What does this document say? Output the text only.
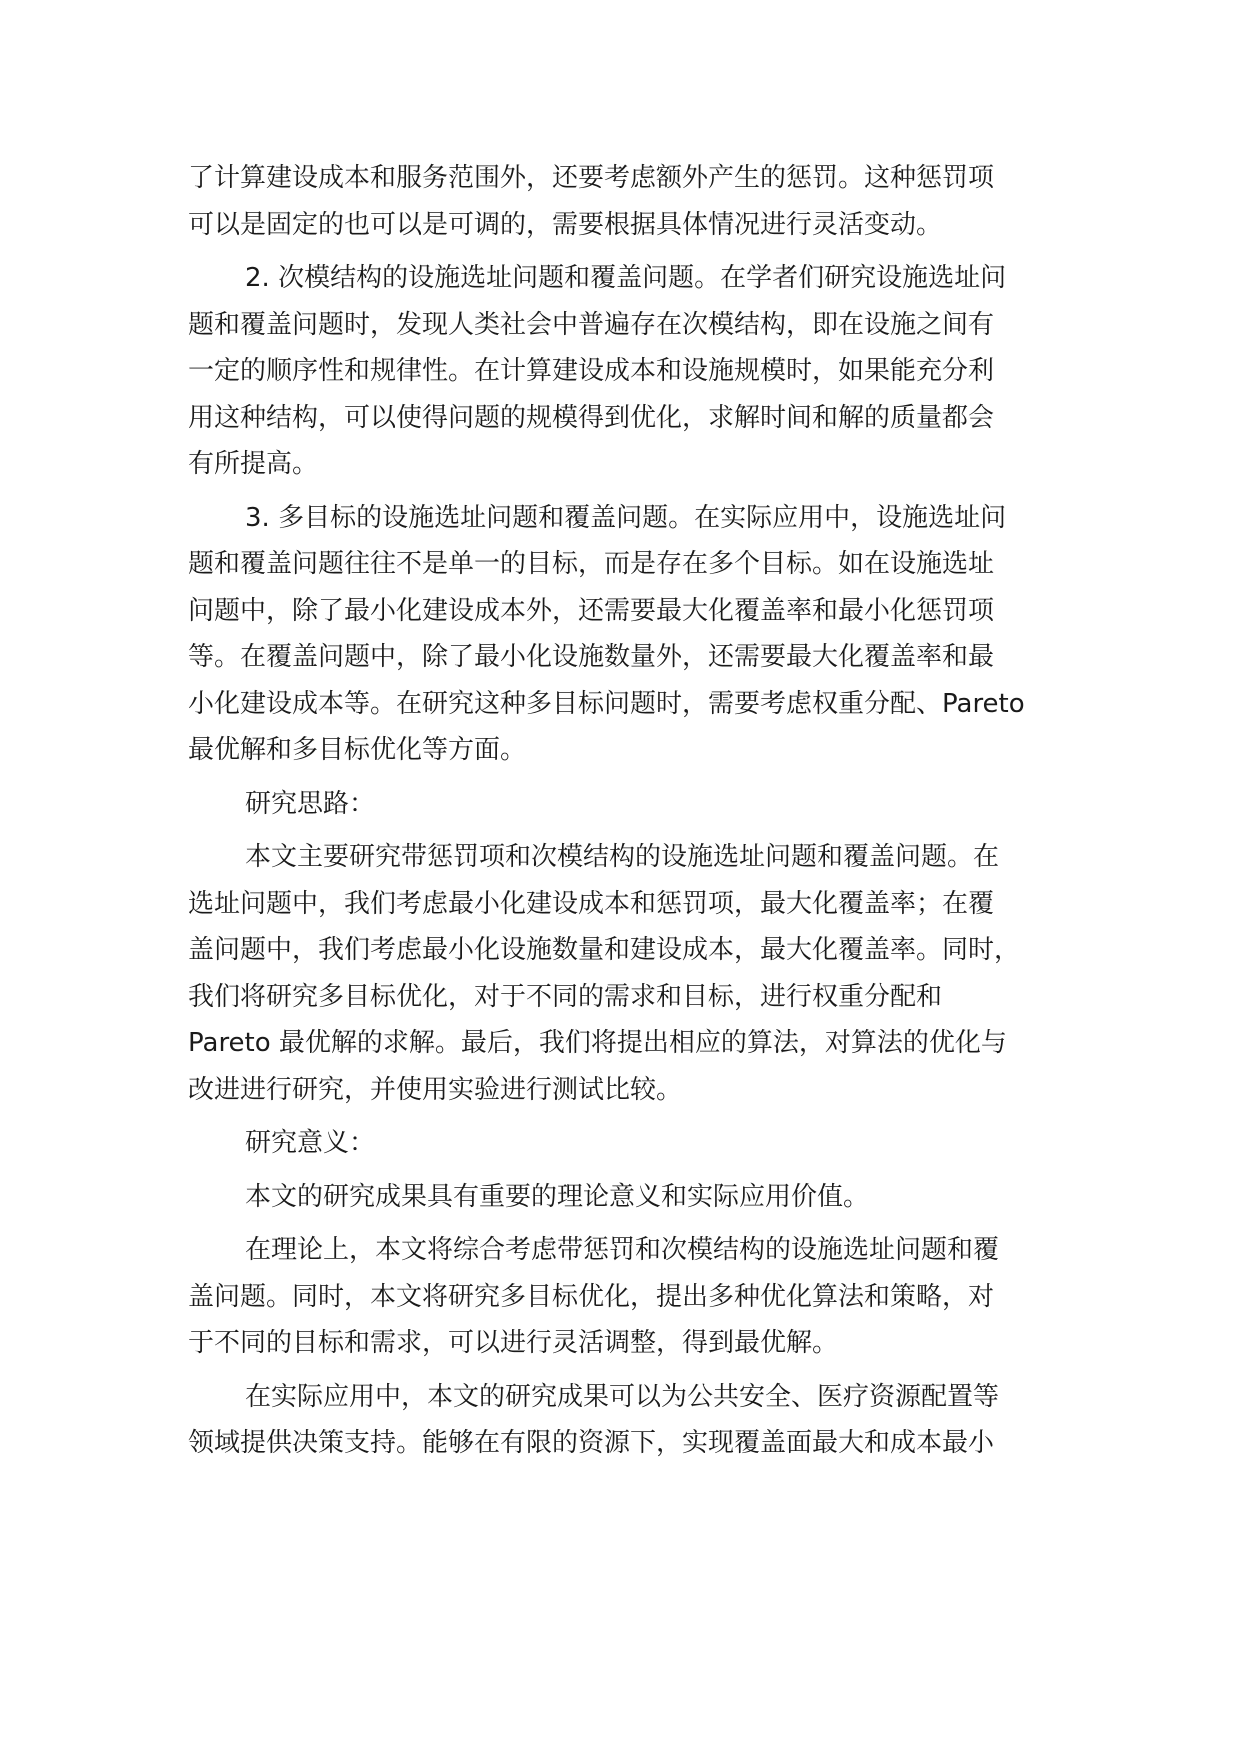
了计算建设成本和服务范围外，还要考虑额外产生的惩罚。这种惩罚项
可以是固定的也可以是可调的，需要根据具体情况进行灵活变动。
2. 次模结构的设施选址问题和覆盖问题。在学者们研究设施选址问
题和覆盖问题时，发现人类社会中普遍存在次模结构，即在设施之间有
一定的顺序性和规律性。在计算建设成本和设施规模时，如果能充分利
用这种结构，可以使得问题的规模得到优化，求解时间和解的质量都会
有所提高。
3. 多目标的设施选址问题和覆盖问题。在实际应用中，设施选址问
题和覆盖问题往往不是单一的目标，而是存在多个目标。如在设施选址
问题中，除了最小化建设成本外，还需要最大化覆盖率和最小化惩罚项
等。在覆盖问题中，除了最小化设施数量外，还需要最大化覆盖率和最
小化建设成本等。在研究这种多目标问题时，需要考虑权重分配、Pareto
最优解和多目标优化等方面。
研究思路：
本文主要研究带惩罚项和次模结构的设施选址问题和覆盖问题。在
选址问题中，我们考虑最小化建设成本和惩罚项，最大化覆盖率；在覆
盖问题中，我们考虑最小化设施数量和建设成本，最大化覆盖率。同时，
我们将研究多目标优化，对于不同的需求和目标，进行权重分配和
Pareto 最优解的求解。最后，我们将提出相应的算法，对算法的优化与
改进进行研究，并使用实验进行测试比较。
研究意义：
本文的研究成果具有重要的理论意义和实际应用价值。
在理论上，本文将综合考虑带惩罚和次模结构的设施选址问题和覆
盖问题。同时，本文将研究多目标优化，提出多种优化算法和策略，对
于不同的目标和需求，可以进行灵活调整，得到最优解。
在实际应用中，本文的研究成果可以为公共安全、医疗资源配置等
领域提供决策支持。能够在有限的资源下，实现覆盖面最大和成本最小
